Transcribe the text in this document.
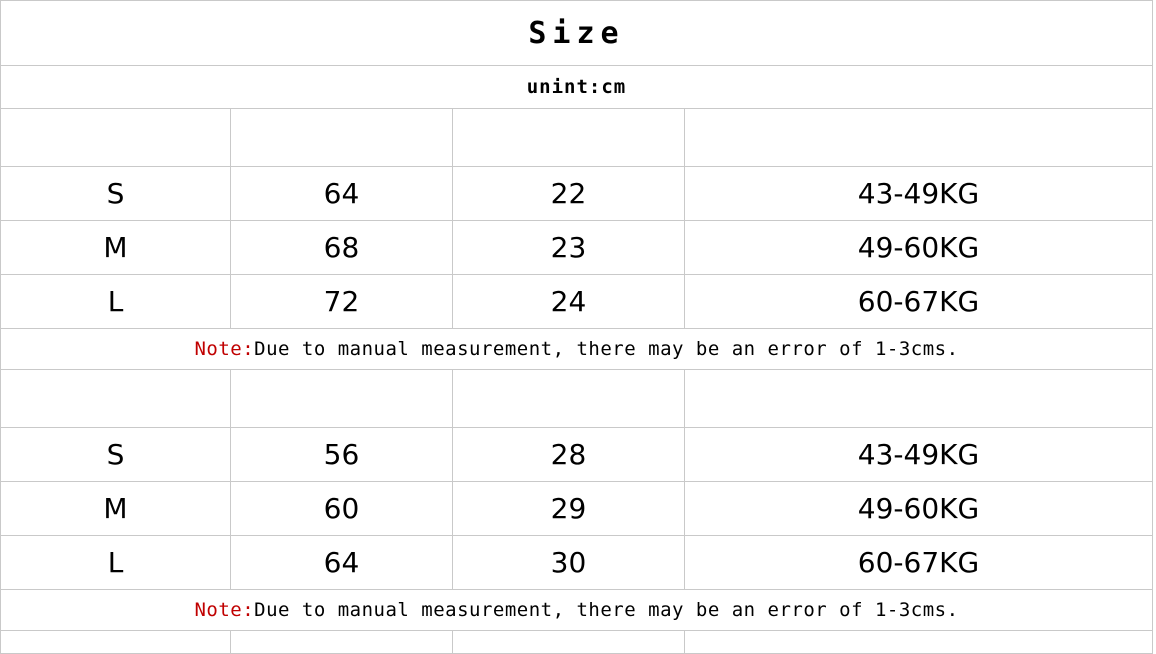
Size			
unint:cm			
Bra Size	Bust （cm）	Length(cm)	Recommend(KG)
S	64	22	43-49KG
M	68	23	49-60KG
L	72	24	60-67KG
Note:Due to manual measurement, there may be an error of 1-3cms.			
Shorts Size	Waist （cm）	Length(cm)	Recommend
S	56	28	43-49KG
M	60	29	49-60KG
L	64	30	60-67KG
Note:Due to manual measurement, there may be an error of 1-3cms.			
